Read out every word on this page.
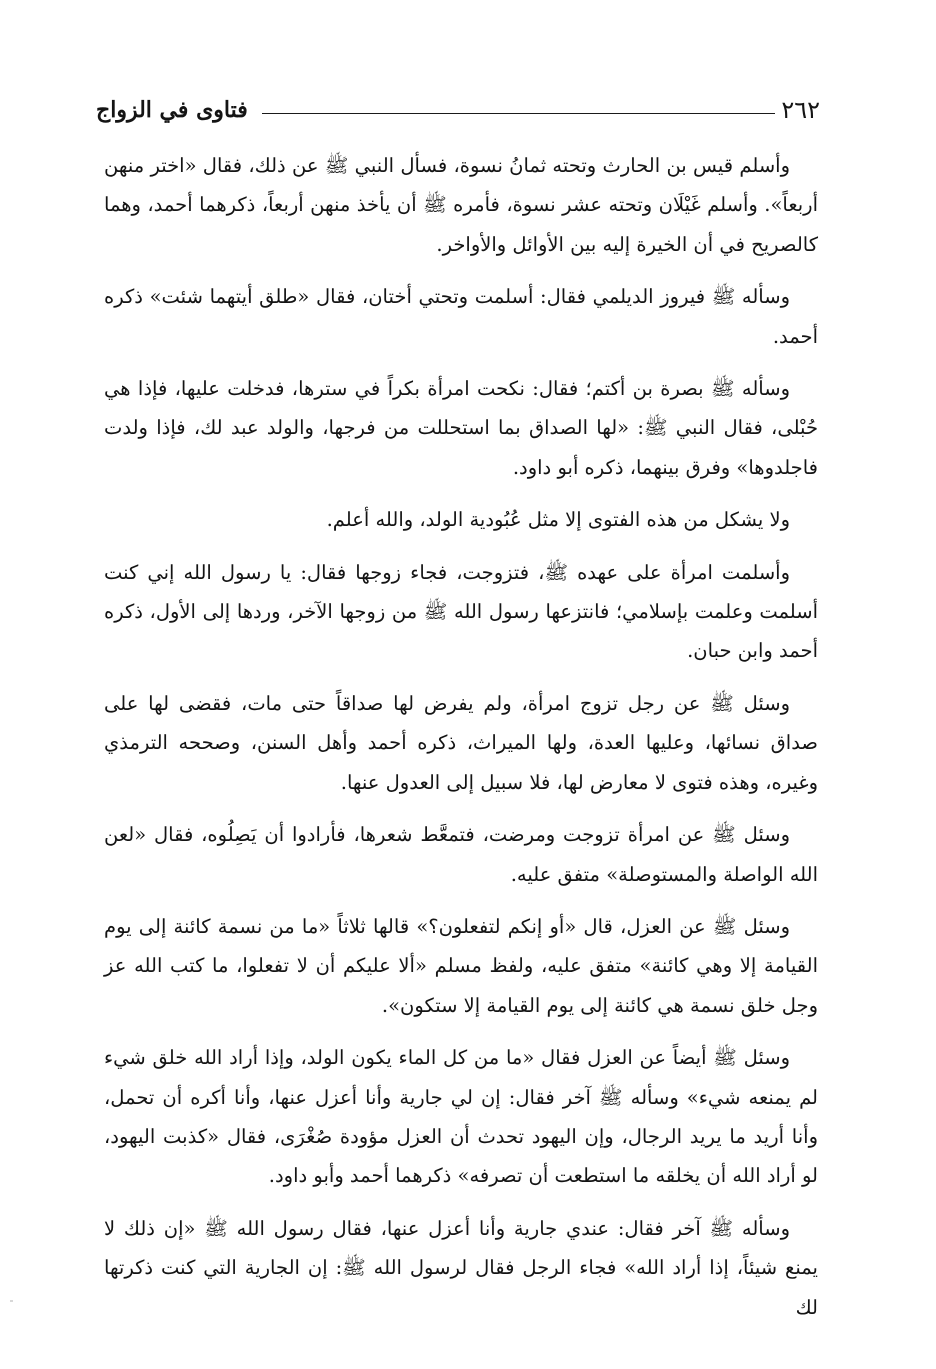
٢٦٢
فتاوى في الزواج

وأسلم قيس بن الحارث وتحته ثمانُ نسوة، فسأل النبي ﷺ عن ذلك، فقال «اختر منهن أربعاً». وأسلم غَيْلَان وتحته عشر نسوة، فأمره ﷺ أن يأخذ منهن أربعاً، ذكرهما أحمد، وهما كالصريح في أن الخيرة إليه بين الأوائل والأواخر.

وسأله ﷺ فيروز الديلمي فقال: أسلمت وتحتي أختان، فقال «طلق أيتهما شئت» ذكره أحمد.

وسأله ﷺ بصرة بن أكتم؛ فقال: نكحت امرأة بكراً في سترها، فدخلت عليها، فإذا هي حُبْلى، فقال النبي ﷺ: «لها الصداق بما استحللت من فرجها، والولد عبد لك، فإذا ولدت فاجلدوها» وفرق بينهما، ذكره أبو داود.

ولا يشكل من هذه الفتوى إلا مثل عُبُودية الولد، والله أعلم.

وأسلمت امرأة على عهده ﷺ، فتزوجت، فجاء زوجها فقال: يا رسول الله إني كنت أسلمت وعلمت بإسلامي؛ فانتزعها رسول الله ﷺ من زوجها الآخر، وردها إلى الأول، ذكره أحمد وابن حبان.

وسئل ﷺ عن رجل تزوج امرأة، ولم يفرض لها صداقاً حتى مات، فقضى لها على صداق نسائها، وعليها العدة، ولها الميراث، ذكره أحمد وأهل السنن، وصححه الترمذي وغيره، وهذه فتوى لا معارض لها، فلا سبيل إلى العدول عنها.

وسئل ﷺ عن امرأة تزوجت ومرضت، فتمعَّط شعرها، فأرادوا أن يَصِلُوه، فقال «لعن الله الواصلة والمستوصلة» متفق عليه.

وسئل ﷺ عن العزل، قال «أو إنكم لتفعلون؟» قالها ثلاثاً «ما من نسمة كائنة إلى يوم القيامة إلا وهي كائنة» متفق عليه، ولفظ مسلم «ألا عليكم أن لا تفعلوا، ما كتب الله عز وجل خلق نسمة هي كائنة إلى يوم القيامة إلا ستكون».

وسئل ﷺ أيضاً عن العزل فقال «ما من كل الماء يكون الولد، وإذا أراد الله خلق شيء لم يمنعه شيء» وسأله ﷺ آخر فقال: إن لي جارية وأنا أعزل عنها، وأنا أكره أن تحمل، وأنا أريد ما يريد الرجال، وإن اليهود تحدث أن العزل مؤودة صُغْرَى، فقال «كذبت اليهود، لو أراد الله أن يخلقه ما استطعت أن تصرفه» ذكرهما أحمد وأبو داود.

وسأله ﷺ آخر فقال: عندي جارية وأنا أعزل عنها، فقال رسول الله ﷺ «إن ذلك لا يمنع شيئاً، إذا أراد الله» فجاء الرجل فقال لرسول الله ﷺ: إن الجارية التي كنت ذكرتها لك
